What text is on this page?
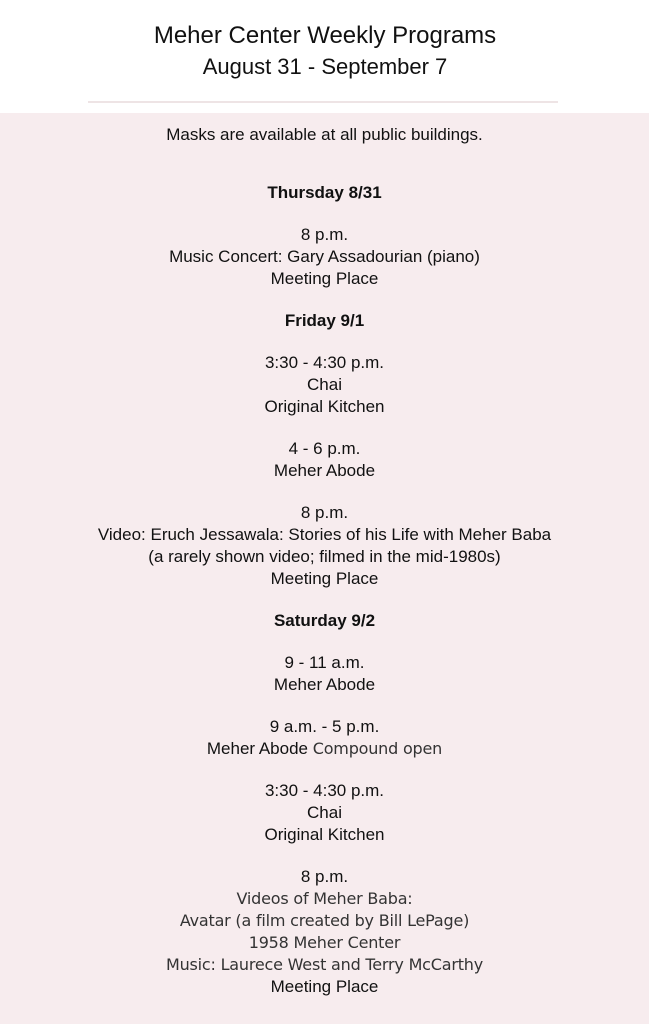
Meher Center Weekly Programs
August 31 - September 7
Masks are available at all public buildings.
Thursday 8/31
8 p.m.
Music Concert: Gary Assadourian (piano)
Meeting Place
Friday 9/1
3:30 - 4:30 p.m.
Chai
Original Kitchen
4 - 6 p.m.
Meher Abode
8 p.m.
Video: Eruch Jessawala: Stories of his Life with Meher Baba
(a rarely shown video; filmed in the mid-1980s)
Meeting Place
Saturday 9/2
9 - 11 a.m.
Meher Abode
9 a.m. - 5 p.m.
Meher Abode Compound open
3:30 - 4:30 p.m.
Chai
Original Kitchen
8 p.m.
Videos of Meher Baba:
Avatar (a film created by Bill LePage)
1958 Meher Center
Music: Laurece West and Terry McCarthy
Meeting Place
